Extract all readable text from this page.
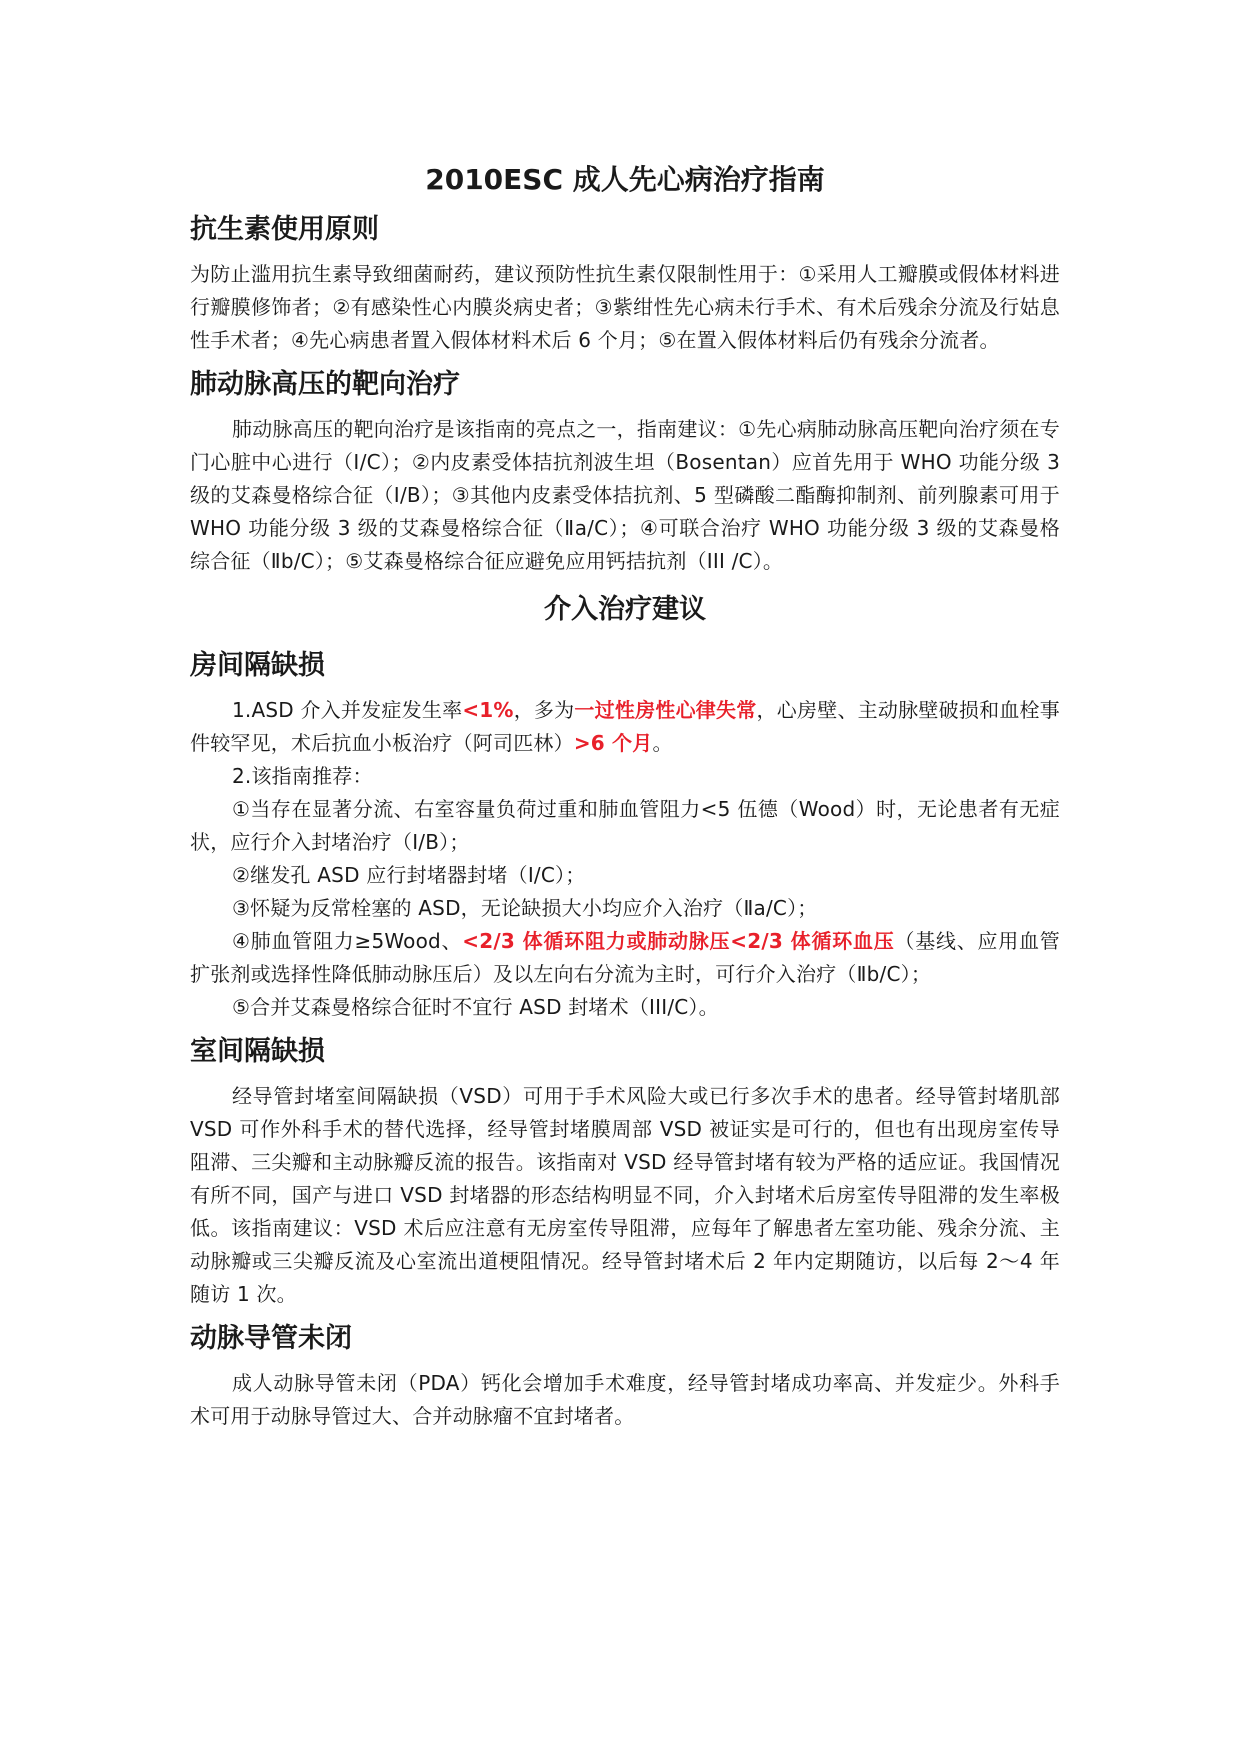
2010ESC 成人先心病治疗指南
抗生素使用原则

为防止滥用抗生素导致细菌耐药，建议预防性抗生素仅限制性用于：①采用人工瓣膜或假体材料进行瓣膜修饰者；②有感染性心内膜炎病史者；③紫绀性先心病未行手术、有术后残余分流及行姑息性手术者；④先心病患者置入假体材料术后 6 个月；⑤在置入假体材料后仍有残余分流者。

肺动脉高压的靶向治疗

肺动脉高压的靶向治疗是该指南的亮点之一，指南建议：①先心病肺动脉高压靶向治疗须在专门心脏中心进行（Ⅰ/C）；②内皮素受体拮抗剂波生坦（Bosentan）应首先用于 WHO 功能分级 3 级的艾森曼格综合征（Ⅰ/B）；③其他内皮素受体拮抗剂、5 型磷酸二酯酶抑制剂、前列腺素可用于 WHO 功能分级 3 级的艾森曼格综合征（Ⅱa/C）；④可联合治疗 WHO 功能分级 3 级的艾森曼格综合征（Ⅱb/C）；⑤艾森曼格综合征应避免应用钙拮抗剂（III /C）。

介入治疗建议
房间隔缺损

1.ASD 介入并发症发生率<1%，多为一过性房性心律失常，心房壁、主动脉壁破损和血栓事件较罕见，术后抗血小板治疗（阿司匹林）>6 个月。

2.该指南推荐：

①当存在显著分流、右室容量负荷过重和肺血管阻力<5 伍德（Wood）时，无论患者有无症状，应行介入封堵治疗（Ⅰ/B）；

②继发孔 ASD 应行封堵器封堵（Ⅰ/C）；

③怀疑为反常栓塞的 ASD，无论缺损大小均应介入治疗（Ⅱa/C）；

④肺血管阻力≥5Wood、<2/3 体循环阻力或肺动脉压<2/3 体循环血压（基线、应用血管扩张剂或选择性降低肺动脉压后）及以左向右分流为主时，可行介入治疗（Ⅱb/C）；

⑤合并艾森曼格综合征时不宜行 ASD 封堵术（III/C）。

室间隔缺损

经导管封堵室间隔缺损（VSD）可用于手术风险大或已行多次手术的患者。经导管封堵肌部 VSD 可作外科手术的替代选择，经导管封堵膜周部 VSD 被证实是可行的，但也有出现房室传导阻滞、三尖瓣和主动脉瓣反流的报告。该指南对 VSD 经导管封堵有较为严格的适应证。我国情况有所不同，国产与进口 VSD 封堵器的形态结构明显不同，介入封堵术后房室传导阻滞的发生率极低。该指南建议：VSD 术后应注意有无房室传导阻滞，应每年了解患者左室功能、残余分流、主动脉瓣或三尖瓣反流及心室流出道梗阻情况。经导管封堵术后 2 年内定期随访，以后每 2～4 年随访 1 次。

动脉导管未闭

成人动脉导管未闭（PDA）钙化会增加手术难度，经导管封堵成功率高、并发症少。外科手术可用于动脉导管过大、合并动脉瘤不宜封堵者。
